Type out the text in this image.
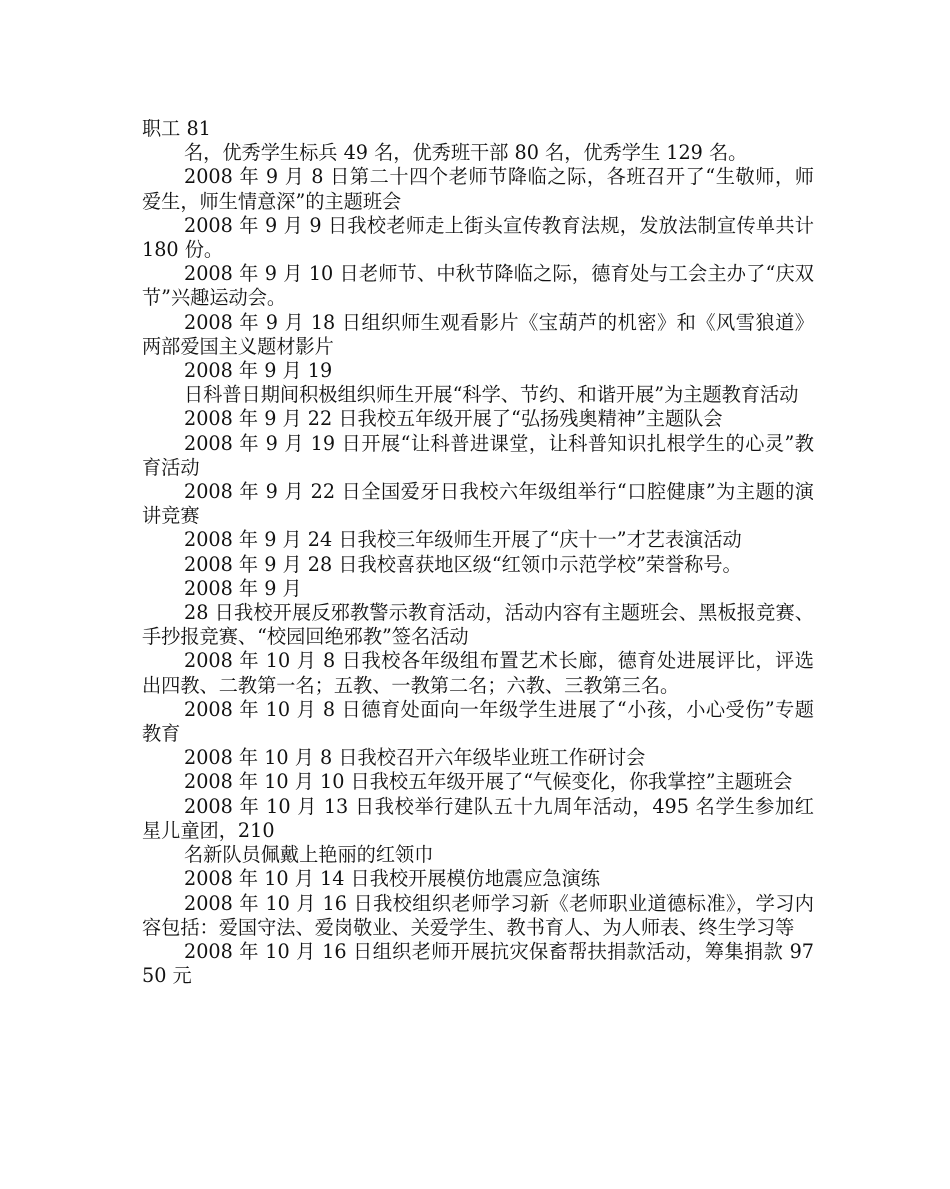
职工 81

名，优秀学生标兵 49 名，优秀班干部 80 名，优秀学生 129 名。

2008 年 9 月 8 日第二十四个老师节降临之际，各班召开了“生敬师，师爱生，师生情意深”的主题班会

2008 年 9 月 9 日我校老师走上街头宣传教育法规，发放法制宣传单共计 180 份。

2008 年 9 月 10 日老师节、中秋节降临之际，德育处与工会主办了“庆双节”兴趣运动会。

2008 年 9 月 18 日组织师生观看影片《宝葫芦的机密》和《风雪狼道》两部爱国主义题材影片

2008 年 9 月 19

日科普日期间积极组织师生开展“科学、节约、和谐开展”为主题教育活动

2008 年 9 月 22 日我校五年级开展了“弘扬残奥精神”主题队会

2008 年 9 月 19 日开展“让科普进课堂，让科普知识扎根学生的心灵”教育活动

2008 年 9 月 22 日全国爱牙日我校六年级组举行“口腔健康”为主题的演讲竞赛

2008 年 9 月 24 日我校三年级师生开展了“庆十一”才艺表演活动

2008 年 9 月 28 日我校喜获地区级“红领巾示范学校”荣誉称号。

2008 年 9 月

28 日我校开展反邪教警示教育活动，活动内容有主题班会、黑板报竞赛、手抄报竞赛、“校园回绝邪教”签名活动

2008 年 10 月 8 日我校各年级组布置艺术长廊，德育处进展评比，评选出四教、二教第一名；五教、一教第二名；六教、三教第三名。

2008 年 10 月 8 日德育处面向一年级学生进展了“小孩，小心受伤”专题教育

2008 年 10 月 8 日我校召开六年级毕业班工作研讨会

2008 年 10 月 10 日我校五年级开展了“气候变化，你我掌控”主题班会

2008 年 10 月 13 日我校举行建队五十九周年活动，495 名学生参加红星儿童团，210

名新队员佩戴上艳丽的红领巾

2008 年 10 月 14 日我校开展模仿地震应急演练

2008 年 10 月 16 日我校组织老师学习新《老师职业道德标准》，学习内容包括：爱国守法、爱岗敬业、关爱学生、教书育人、为人师表、终生学习等

2008 年 10 月 16 日组织老师开展抗灾保畜帮扶捐款活动，筹集捐款 9750 元
